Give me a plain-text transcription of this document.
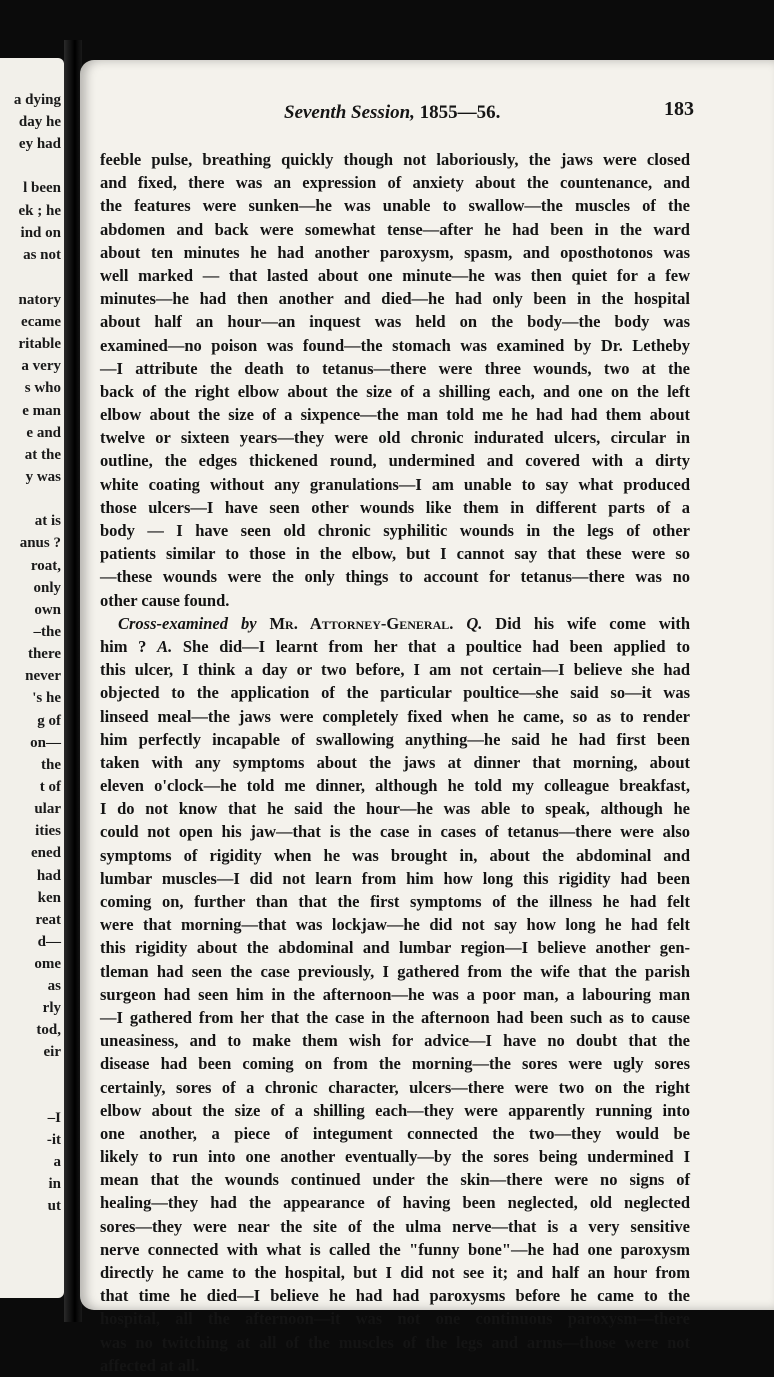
a dying
day he
ey had
l been
ek ; he
ind on
as not
natory
ecame
ritable
a very
s who
e man
e and
at the
y was
at is
anus ?
roat,
only
own
–the
there
never
's he
g of
on—
the
t of
ular
ities
ened
had
ken
reat
d—
ome
as
rly
tod,
eir
–I
-it
a
in
ut
Seventh Session, 1855—56.	183
feeble pulse, breathing quickly though not laboriously, the jaws were closed
and fixed, there was an expression of anxiety about the countenance, and
the features were sunken—he was unable to swallow—the muscles of the
abdomen and back were somewhat tense—after he had been in the ward
about ten minutes he had another paroxysm, spasm, and oposthotonos was
well marked — that lasted about one minute—he was then quiet for a few
minutes—he had then another and died—he had only been in the hospital
about half an hour—an inquest was held on the body—the body was
examined—no poison was found—the stomach was examined by Dr. Letheby
—I attribute the death to tetanus—there were three wounds, two at the
back of the right elbow about the size of a shilling each, and one on the left
elbow about the size of a sixpence—the man told me he had had them about
twelve or sixteen years—they were old chronic indurated ulcers, circular in
outline, the edges thickened round, undermined and covered with a dirty
white coating without any granulations—I am unable to say what produced
those ulcers—I have seen other wounds like them in different parts of a
body — I have seen old chronic syphilitic wounds in the legs of other
patients similar to those in the elbow, but I cannot say that these were so
—these wounds were the only things to account for tetanus—there was no
other cause found.
Cross-examined by Mr. Attorney-General. Q. Did his wife come with
him ? A. She did—I learnt from her that a poultice had been applied to
this ulcer, I think a day or two before, I am not certain—I believe she had
objected to the application of the particular poultice—she said so—it was
linseed meal—the jaws were completely fixed when he came, so as to render
him perfectly incapable of swallowing anything—he said he had first been
taken with any symptoms about the jaws at dinner that morning, about
eleven o'clock—he told me dinner, although he told my colleague breakfast,
I do not know that he said the hour—he was able to speak, although he
could not open his jaw—that is the case in cases of tetanus—there were also
symptoms of rigidity when he was brought in, about the abdominal and
lumbar muscles—I did not learn from him how long this rigidity had been
coming on, further than that the first symptoms of the illness he had felt
were that morning—that was lockjaw—he did not say how long he had felt
this rigidity about the abdominal and lumbar region—I believe another gen-
tleman had seen the case previously, I gathered from the wife that the parish
surgeon had seen him in the afternoon—he was a poor man, a labouring man
—I gathered from her that the case in the afternoon had been such as to cause
uneasiness, and to make them wish for advice—I have no doubt that the
disease had been coming on from the morning—the sores were ugly sores
certainly, sores of a chronic character, ulcers—there were two on the right
elbow about the size of a shilling each—they were apparently running into
one another, a piece of integument connected the two—they would be
likely to run into one another eventually—by the sores being undermined I
mean that the wounds continued under the skin—there were no signs of
healing—they had the appearance of having been neglected, old neglected
sores—they were near the site of the ulma nerve—that is a very sensitive
nerve connected with what is called the "funny bone"—he had one paroxysm
directly he came to the hospital, but I did not see it; and half an hour from
that time he died—I believe he had had paroxysms before he came to the
hospital, all the afternoon—it was not one continuous paroxysm—there
was no twitching at all of the muscles of the legs and arms—those were not
affected at all.
